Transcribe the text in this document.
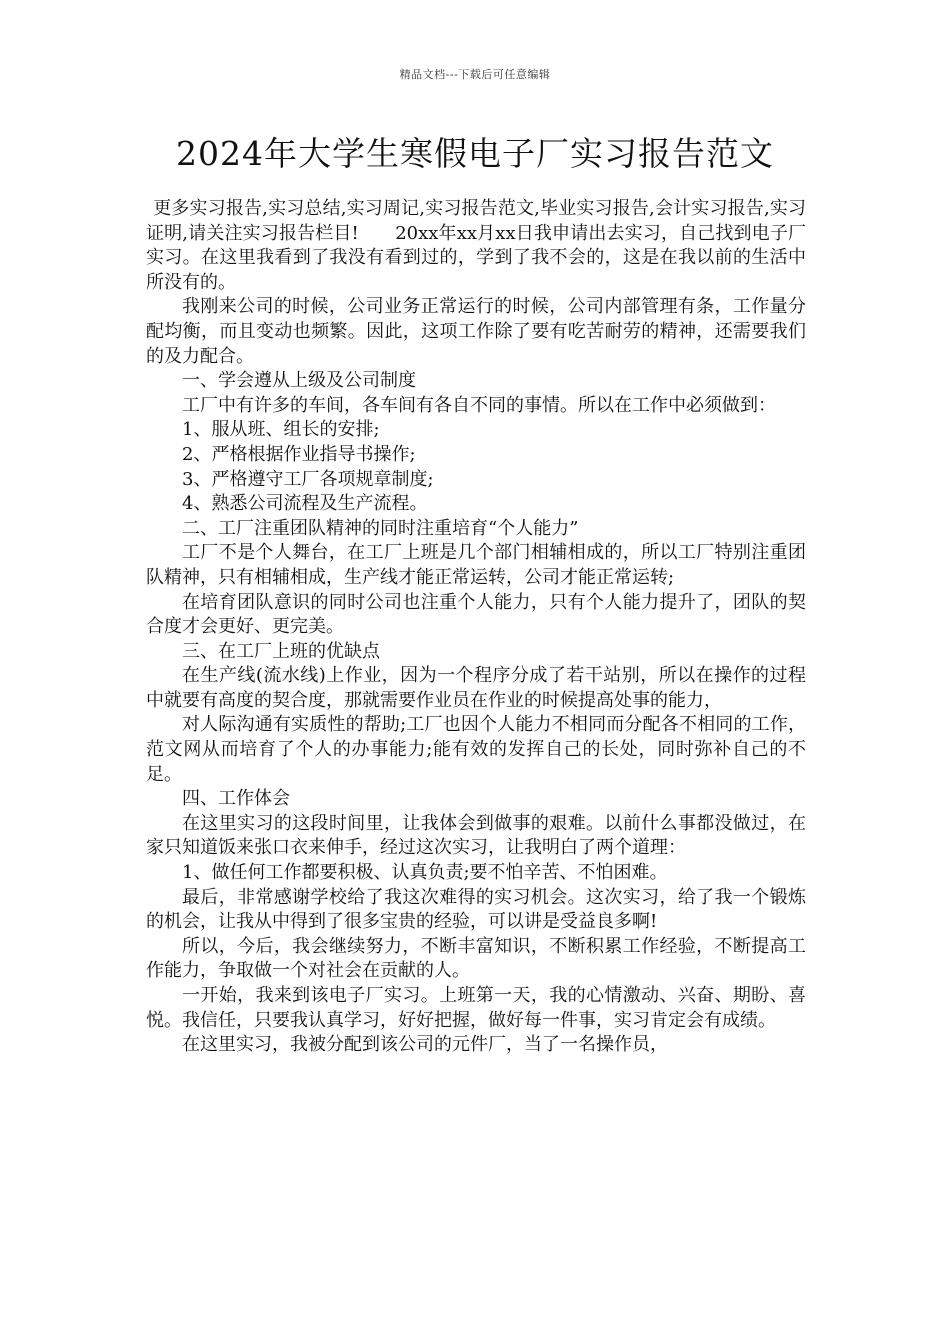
精品文档---下载后可任意编辑
2024年大学生寒假电子厂实习报告范文

更多实习报告,实习总结,实习周记,实习报告范文,毕业实习报告,会计实习报告,实习证明,请关注实习报告栏目!　　20xx年xx月xx日我申请出去实习，自己找到电子厂实习。在这里我看到了我没有看到过的，学到了我不会的，这是在我以前的生活中所没有的。

我刚来公司的时候，公司业务正常运行的时候，公司内部管理有条，工作量分配均衡，而且变动也频繁。因此，这项工作除了要有吃苦耐劳的精神，还需要我们的及力配合。

一、学会遵从上级及公司制度

工厂中有许多的车间，各车间有各自不同的事情。所以在工作中必须做到：

1、服从班、组长的安排;

2、严格根据作业指导书操作;

3、严格遵守工厂各项规章制度;

4、熟悉公司流程及生产流程。

二、工厂注重团队精神的同时注重培育“个人能力”

工厂不是个人舞台，在工厂上班是几个部门相辅相成的，所以工厂特别注重团队精神，只有相辅相成，生产线才能正常运转，公司才能正常运转;

在培育团队意识的同时公司也注重个人能力，只有个人能力提升了，团队的契合度才会更好、更完美。

三、在工厂上班的优缺点

在生产线(流水线)上作业，因为一个程序分成了若干站别，所以在操作的过程中就要有高度的契合度，那就需要作业员在作业的时候提高处事的能力，

对人际沟通有实质性的帮助;工厂也因个人能力不相同而分配各不相同的工作，范文网从而培育了个人的办事能力;能有效的发挥自己的长处，同时弥补自己的不足。

四、工作体会

在这里实习的这段时间里，让我体会到做事的艰难。以前什么事都没做过，在家只知道饭来张口衣来伸手，经过这次实习，让我明白了两个道理：

1、做任何工作都要积极、认真负责;要不怕辛苦、不怕困难。

最后，非常感谢学校给了我这次难得的实习机会。这次实习，给了我一个锻炼的机会，让我从中得到了很多宝贵的经验，可以讲是受益良多啊!

所以，今后，我会继续努力，不断丰富知识，不断积累工作经验，不断提高工作能力，争取做一个对社会在贡献的人。

一开始，我来到该电子厂实习。上班第一天，我的心情激动、兴奋、期盼、喜悦。我信任，只要我认真学习，好好把握，做好每一件事，实习肯定会有成绩。

在这里实习，我被分配到该公司的元件厂，当了一名操作员，
